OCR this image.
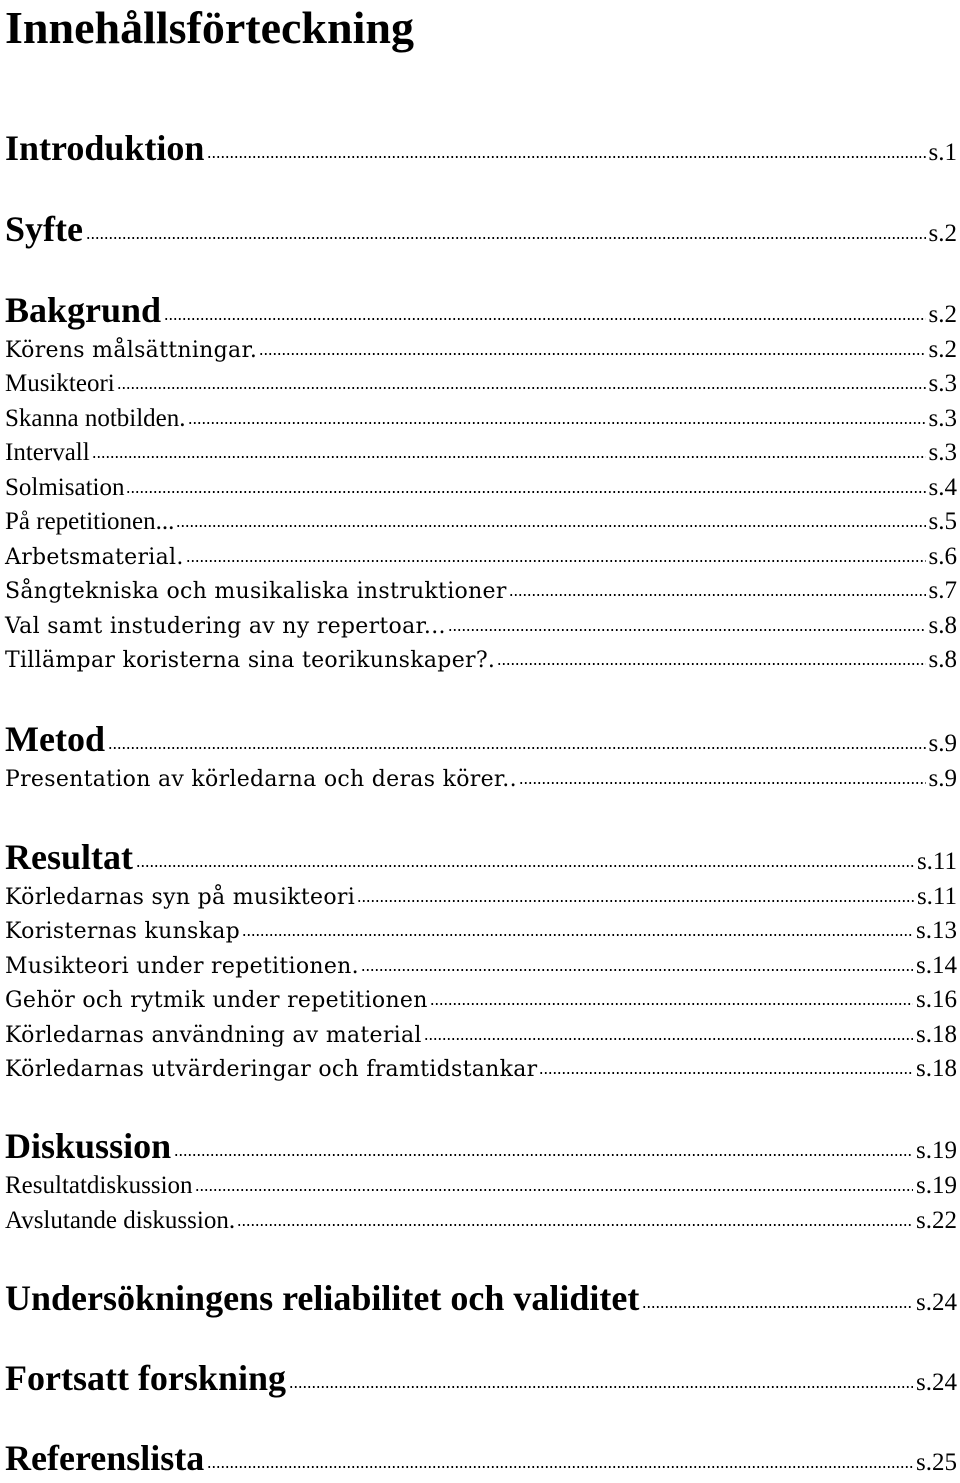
Innehållsförteckning
Introduktion	s.1
Syfte	s.2
Bakgrund	s.2
Körens målsättningar.	s.2
Musikteori	s.3
Skanna notbilden.	s.3
Intervall	s.3
Solmisation	s.4
På repetitionen...	s.5
Arbetsmaterial.	s.6
Sångtekniska och musikaliska instruktioner	s.7
Val samt instudering av ny repertoar...	s.8
Tillämpar koristerna sina teorikunskaper?.	s.8
Metod	s.9
Presentation av körledarna och deras körer..	s.9
Resultat	s.11
Körledarnas syn på musikteori	s.11
Koristernas kunskap	s.13
Musikteori under repetitionen.	s.14
Gehör och rytmik under repetitionen	s.16
Körledarnas användning av material	s.18
Körledarnas utvärderingar och framtidstankar	s.18
Diskussion	s.19
Resultatdiskussion	s.19
Avslutande diskussion.	s.22
Undersökningens reliabilitet och validitet	s.24
Fortsatt forskning	s.24
Referenslista	s.25
